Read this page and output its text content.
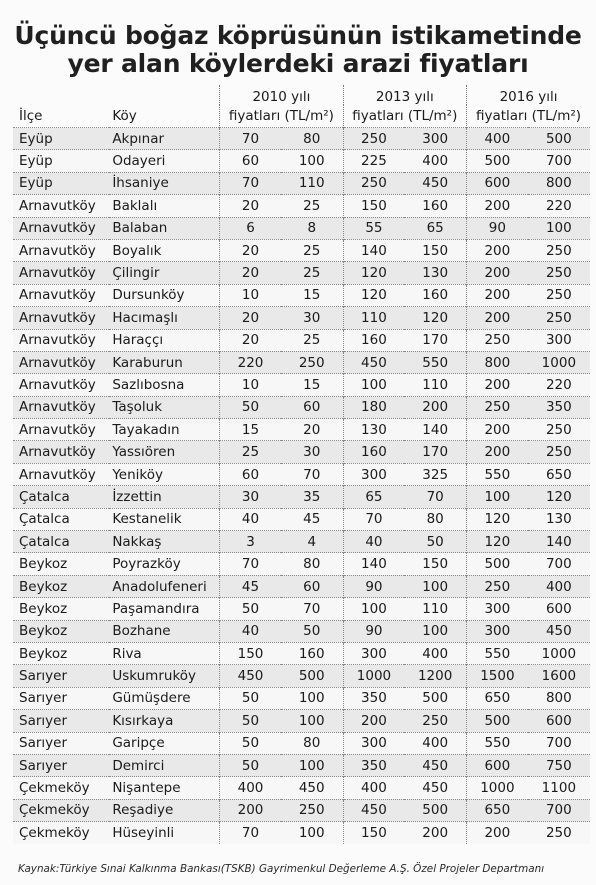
Üçüncü boğaz köprüsünün istikametinde
yer alan köylerdeki arazi fiyatları
		2010 yılı		2013 yılı		2016 yılı	
İlçe	Köy	fiyatları (TL/m²)		fiyatları (TL/m²)		fiyatları (TL/m²)	
Eyüp	Akpınar	70	80	250	300	400	500
Eyüp	Odayeri	60	100	225	400	500	700
Eyüp	İhsaniye	70	110	250	450	600	800
Arnavutköy	Baklalı	20	25	150	160	200	220
Arnavutköy	Balaban	6	8	55	65	90	100
Arnavutköy	Boyalık	20	25	140	150	200	250
Arnavutköy	Çilingir	20	25	120	130	200	250
Arnavutköy	Dursunköy	10	15	120	160	200	250
Arnavutköy	Hacımaşlı	20	30	110	120	200	250
Arnavutköy	Haraççı	20	25	160	170	250	300
Arnavutköy	Karaburun	220	250	450	550	800	1000
Arnavutköy	Sazlıbosna	10	15	100	110	200	220
Arnavutköy	Taşoluk	50	60	180	200	250	350
Arnavutköy	Tayakadın	15	20	130	140	200	250
Arnavutköy	Yassıören	25	30	160	170	200	250
Arnavutköy	Yeniköy	60	70	300	325	550	650
Çatalca	İzzettin	30	35	65	70	100	120
Çatalca	Kestanelik	40	45	70	80	120	130
Çatalca	Nakkaş	3	4	40	50	120	140
Beykoz	Poyrazköy	70	80	140	150	500	700
Beykoz	Anadolufeneri	45	60	90	100	250	400
Beykoz	Paşamandıra	50	70	100	110	300	600
Beykoz	Bozhane	40	50	90	100	300	450
Beykoz	Riva	150	160	300	400	550	1000
Sarıyer	Uskumruköy	450	500	1000	1200	1500	1600
Sarıyer	Gümüşdere	50	100	350	500	650	800
Sarıyer	Kısırkaya	50	100	200	250	500	600
Sarıyer	Garipçe	50	80	300	400	550	700
Sarıyer	Demirci	50	100	350	450	600	750
Çekmeköy	Nişantepe	400	450	400	450	1000	1100
Çekmeköy	Reşadiye	200	250	450	500	650	700
Çekmeköy	Hüseyinli	70	100	150	200	200	250
Kaynak:Türkiye Sınai Kalkınma Bankası(TSKB) Gayrimenkul Değerleme A.Ş. Özel Projeler Departmanı
